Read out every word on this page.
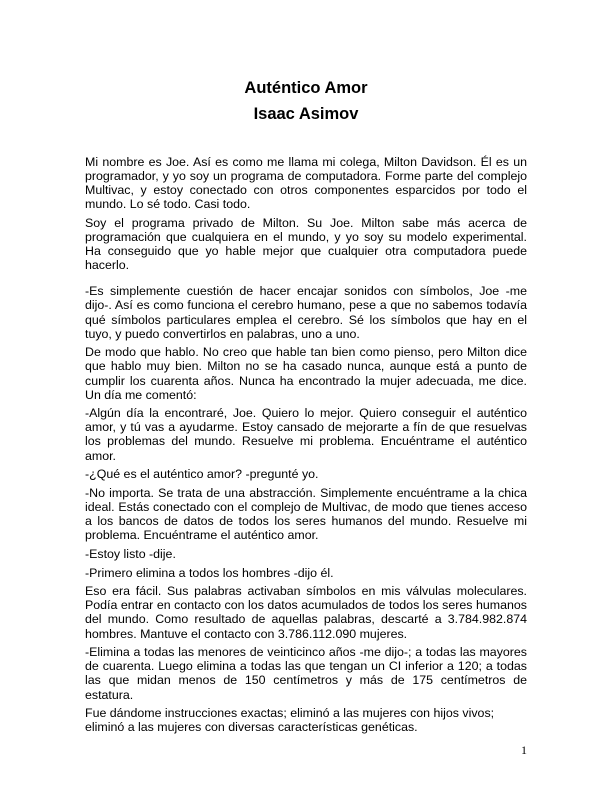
Auténtico Amor
Isaac Asimov

Mi nombre es Joe. Así es como me llama mi colega, Milton Davidson. Él es un programador, y yo soy un programa de computadora. Forme parte del complejo Multivac, y estoy conectado con otros componentes esparcidos por todo el mundo. Lo sé todo. Casi todo.

Soy el programa privado de Milton. Su Joe. Milton sabe más acerca de programación que cualquiera en el mundo, y yo soy su modelo experimental. Ha conseguido que yo hable mejor que cualquier otra computadora puede hacerlo.

-Es simplemente cuestión de hacer encajar sonidos con símbolos, Joe -me dijo-. Así es como funciona el cerebro humano, pese a que no sabemos todavía qué símbolos particulares emplea el cerebro. Sé los símbolos que hay en el tuyo, y puedo convertirlos en palabras, uno a uno.

De modo que hablo. No creo que hable tan bien como pienso, pero Milton dice que hablo muy bien. Milton no se ha casado nunca, aunque está a punto de cumplir los cuarenta años. Nunca ha encontrado la mujer adecuada, me dice. Un día me comentó:

-Algún día la encontraré, Joe. Quiero lo mejor. Quiero conseguir el auténtico amor, y tú vas a ayudarme. Estoy cansado de mejorarte a fín de que resuelvas los problemas del mundo. Resuelve mi problema. Encuéntrame el auténtico amor.

-¿Qué es el auténtico amor? -pregunté yo.

-No importa. Se trata de una abstracción. Simplemente encuéntrame a la chica ideal. Estás conectado con el complejo de Multivac, de modo que tienes acceso a los bancos de datos de todos los seres humanos del mundo. Resuelve mi problema. Encuéntrame el auténtico amor.

-Estoy listo -dije.

-Primero elimina a todos los hombres -dijo él.

Eso era fácil. Sus palabras activaban símbolos en mis válvulas moleculares. Podía entrar en contacto con los datos acumulados de todos los seres humanos del mundo. Como resultado de aquellas palabras, descarté a 3.784.982.874 hombres. Mantuve el contacto con 3.786.112.090 mujeres.

-Elimina a todas las menores de veinticinco años -me dijo-; a todas las mayores de cuarenta. Luego elimina a todas las que tengan un CI inferior a 120; a todas las que midan menos de 150 centímetros y más de 175 centímetros de estatura.

Fue dándome instrucciones exactas; eliminó a las mujeres con hijos vivos; eliminó a las mujeres con diversas características genéticas.

1
